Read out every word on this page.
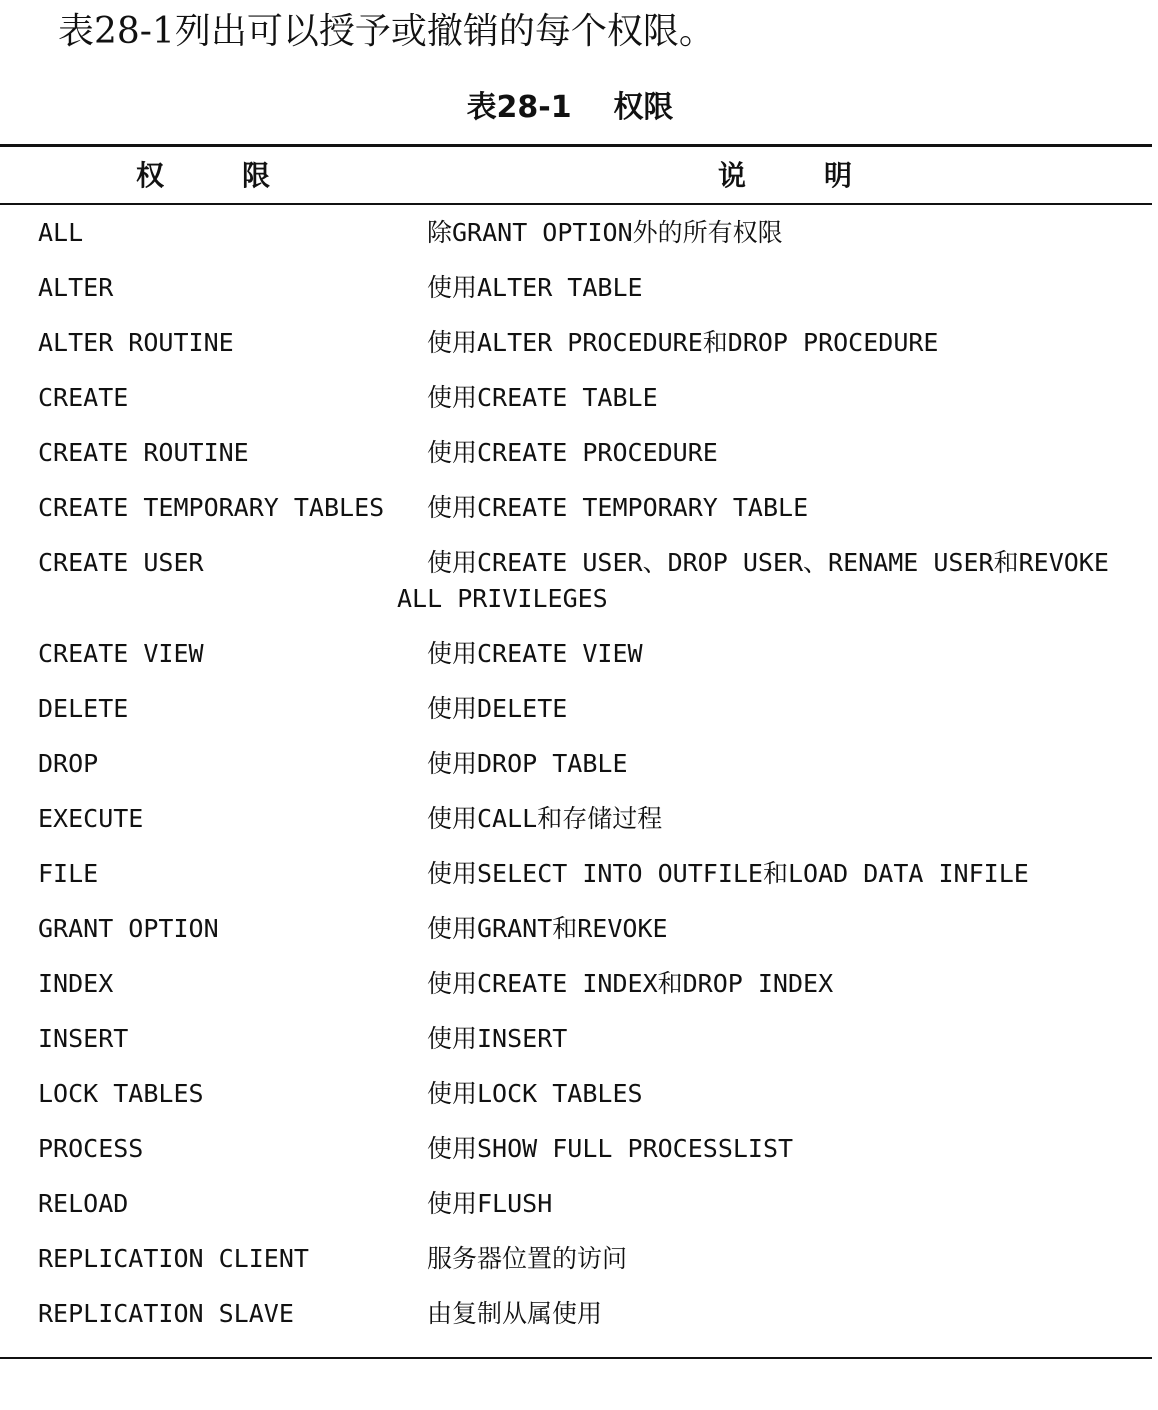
表28-1列出可以授予或撤销的每个权限。
表28-1    权限
权        限	说        明
ALL	除GRANT OPTION外的所有权限
ALTER	使用ALTER TABLE
ALTER ROUTINE	使用ALTER PROCEDURE和DROP PROCEDURE
CREATE	使用CREATE TABLE
CREATE ROUTINE	使用CREATE PROCEDURE
CREATE TEMPORARY TABLES	使用CREATE TEMPORARY TABLE
CREATE USER	使用CREATE USER、DROP USER、RENAME USER和REVOKE ALL PRIVILEGES
CREATE VIEW	使用CREATE VIEW
DELETE	使用DELETE
DROP	使用DROP TABLE
EXECUTE	使用CALL和存储过程
FILE	使用SELECT INTO OUTFILE和LOAD DATA INFILE
GRANT OPTION	使用GRANT和REVOKE
INDEX	使用CREATE INDEX和DROP INDEX
INSERT	使用INSERT
LOCK TABLES	使用LOCK TABLES
PROCESS	使用SHOW FULL PROCESSLIST
RELOAD	使用FLUSH
REPLICATION CLIENT	服务器位置的访问
REPLICATION SLAVE	由复制从属使用
